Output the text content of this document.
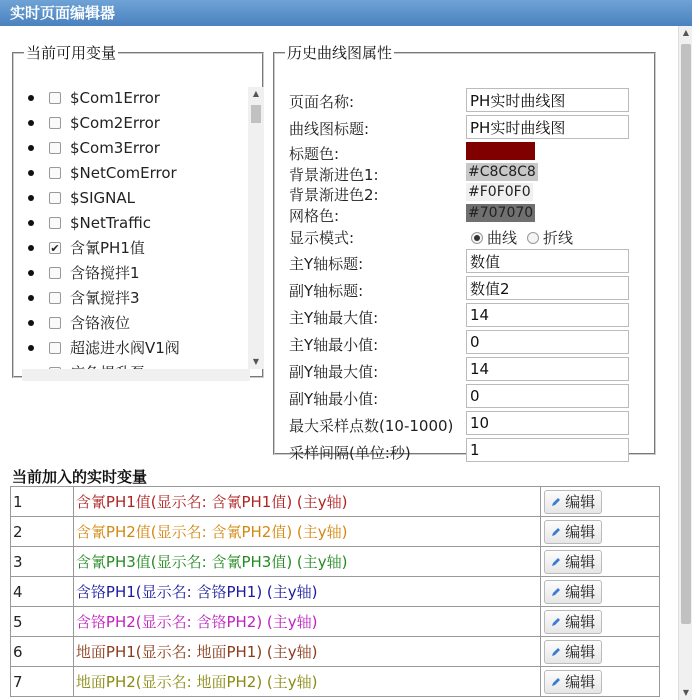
实时页面编辑器
▲
▼
当前可用变量
$Com1Error
$Com2Error
$Com3Error
$NetComError
$SIGNAL
$NetTraffic
✔ 含氰PH1值
含铬搅拌1
含氰搅拌3
含铬液位
超滤进水阀V1阀
▲
▼
历史曲线图属性
页面名称:
PH实时曲线图
曲线图标题:
PH实时曲线图
标题色:	#800000
背景渐进色1:	#C8C8C8
背景渐进色2:	#F0F0F0
网格色:	#707070
显示模式:	曲线 折线
主Y轴标题:
数值
副Y轴标题:
数值2
主Y轴最大值:
14
主Y轴最小值:
0
副Y轴最大值:
14
副Y轴最小值:
0
最大采样点数(10-1000)
10
采样间隔(单位:秒)
1
当前加入的实时变量
1	含氰PH1值(显示名: 含氰PH1值) (主y轴)	编辑

2	含氰PH2值(显示名: 含氰PH2值) (主y轴)	编辑

3	含氰PH3值(显示名: 含氰PH3值) (主y轴)	编辑

4	含铬PH1(显示名: 含铬PH1) (主y轴)	编辑

5	含铬PH2(显示名: 含铬PH2) (主y轴)	编辑

6	地面PH1(显示名: 地面PH1) (主y轴)	编辑

7	地面PH2(显示名: 地面PH2) (主y轴)	编辑
